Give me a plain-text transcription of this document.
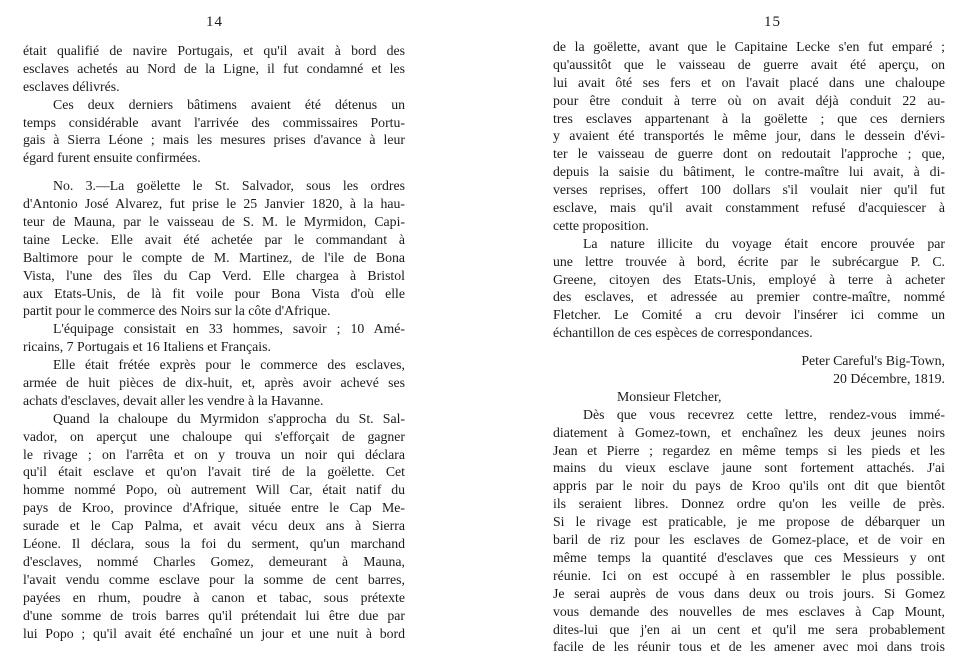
14
était qualifié de navire Portugais, et qu'il avait à bord des
esclaves achetés au Nord de la Ligne, il fut condamné et les
esclaves délivrés.
Ces deux derniers bâtimens avaient été détenus un
temps considérable avant l'arrivée des commissaires Portu-
gais à Sierra Léone ; mais les mesures prises d'avance à leur
égard furent ensuite confirmées.
No. 3.—La goëlette le St. Salvador, sous les ordres
d'Antonio José Alvarez, fut prise le 25 Janvier 1820, à la hau-
teur de Mauna, par le vaisseau de S. M. le Myrmidon, Capi-
taine Lecke. Elle avait été achetée par le commandant à
Baltimore pour le compte de M. Martinez, de l'ile de Bona
Vista, l'une des îles du Cap Verd. Elle chargea à Bristol
aux Etats-Unis, de là fit voile pour Bona Vista d'où elle
partit pour le commerce des Noirs sur la côte d'Afrique.
L'équipage consistait en 33 hommes, savoir ; 10 Amé-
ricains, 7 Portugais et 16 Italiens et Français.
Elle était frétée exprès pour le commerce des esclaves,
armée de huit pièces de dix-huit, et, après avoir achevé ses
achats d'esclaves, devait aller les vendre à la Havanne.
Quand la chaloupe du Myrmidon s'approcha du St. Sal-
vador, on aperçut une chaloupe qui s'efforçait de gagner
le rivage ; on l'arrêta et on y trouva un noir qui déclara
qu'il était esclave et qu'on l'avait tiré de la goëlette. Cet
homme nommé Popo, où autrement Will Car, était natif du
pays de Kroo, province d'Afrique, située entre le Cap Me-
surade et le Cap Palma, et avait vécu deux ans à Sierra
Léone. Il déclara, sous la foi du serment, qu'un marchand
d'esclaves, nommé Charles Gomez, demeurant à Mauna,
l'avait vendu comme esclave pour la somme de cent barres,
payées en rhum, poudre à canon et tabac, sous prétexte
d'une somme de trois barres qu'il prétendait lui être due par
lui Popo ; qu'il avait été enchaîné un jour et une nuit à bord
15
de la goëlette, avant que le Capitaine Lecke s'en fut emparé ;
qu'aussitôt que le vaisseau de guerre avait été aperçu, on
lui avait ôté ses fers et on l'avait placé dans une chaloupe
pour être conduit à terre où on avait déjà conduit 22 au-
tres esclaves appartenant à la goëlette ; que ces derniers
y avaient été transportés le même jour, dans le dessein d'évi-
ter le vaisseau de guerre dont on redoutait l'approche ; que,
depuis la saisie du bâtiment, le contre-maître lui avait, à di-
verses reprises, offert 100 dollars s'il voulait nier qu'il fut
esclave, mais qu'il avait constamment refusé d'acquiescer à
cette proposition.
La nature illicite du voyage était encore prouvée par
une lettre trouvée à bord, écrite par le subrécargue P. C.
Greene, citoyen des Etats-Unis, employé à terre à acheter
des esclaves, et adressée au premier contre-maître, nommé
Fletcher. Le Comité a cru devoir l'insérer ici comme un
échantillon de ces espèces de correspondances.
Peter Careful's Big-Town,
20 Décembre, 1819.
Monsieur Fletcher,
Dès que vous recevrez cette lettre, rendez-vous immé-
diatement à Gomez-town, et enchaînez les deux jeunes noirs
Jean et Pierre ; regardez en même temps si les pieds et les
mains du vieux esclave jaune sont fortement attachés. J'ai
appris par le noir du pays de Kroo qu'ils ont dit que bientôt
ils seraient libres. Donnez ordre qu'on les veille de près.
Si le rivage est praticable, je me propose de débarquer un
baril de riz pour les esclaves de Gomez-place, et de voir en
même temps la quantité d'esclaves que ces Messieurs y ont
réunie. Ici on est occupé à en rassembler le plus possible.
Je serai auprès de vous dans deux ou trois jours. Si Gomez
vous demande des nouvelles de mes esclaves à Cap Mount,
dites-lui que j'en ai un cent et qu'il me sera probablement
facile de les réunir tous et de les amener avec moi dans trois
